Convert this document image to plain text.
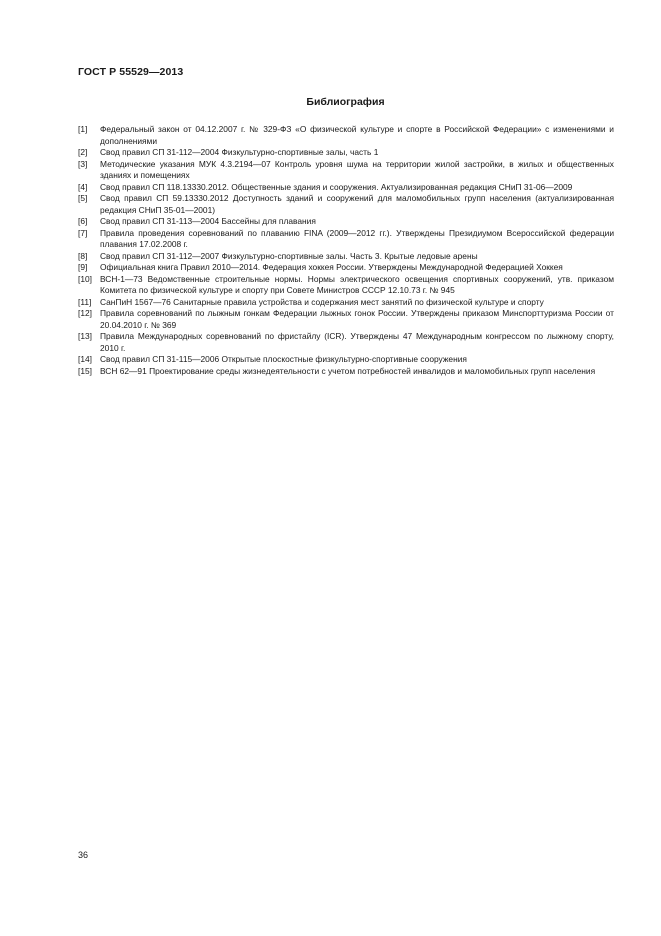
ГОСТ Р 55529—2013
Библиография
[1]	Федеральный закон от 04.12.2007 г. № 329-ФЗ «О физической культуре и спорте в Российской Федерации» с изменениями и дополнениями
[2]	Свод правил СП 31-112—2004 Физкультурно-спортивные залы, часть 1
[3]	Методические указания МУК 4.3.2194—07 Контроль уровня шума на территории жилой застройки, в жилых и общественных зданиях и помещениях
[4]	Свод правил СП 118.13330.2012. Общественные здания и сооружения. Актуализированная редакция СНиП 31-06—2009
[5]	Свод правил СП 59.13330.2012 Доступность зданий и сооружений для маломобильных групп населения (актуализированная редакция СНиП 35-01—2001)
[6]	Свод правил СП 31-113—2004 Бассейны для плавания
[7]	Правила проведения соревнований по плаванию FINA (2009—2012 гг.). Утверждены Президиумом Всероссийской федерации плавания 17.02.2008 г.
[8]	Свод правил СП 31-112—2007 Физкультурно-спортивные залы. Часть 3. Крытые ледовые арены
[9]	Официальная книга Правил 2010—2014. Федерация хоккея России. Утверждены Международной Федерацией Хоккея
[10] ВСН-1—73 Ведомственные строительные нормы. Нормы электрического освещения спортивных сооружений, утв. приказом Комитета по физической культуре и спорту при Совете Министров СССР 12.10.73 г. № 945
[11]	СанПиН 1567—76 Санитарные правила устройства и содержания мест занятий по физической культуре и спорту
[12] Правила соревнований по лыжным гонкам Федерации лыжных гонок России. Утверждены приказом Минспорттуризма России от 20.04.2010 г. № 369
[13] Правила Международных соревнований по фристайлу (ICR). Утверждены 47 Международным конгрессом по лыжному спорту, 2010 г.
[14] Свод правил СП 31-115—2006 Открытые плоскостные физкультурно-спортивные сооружения
[15] ВСН 62—91 Проектирование среды жизнедеятельности с учетом потребностей инвалидов и маломобильных групп населения
36
